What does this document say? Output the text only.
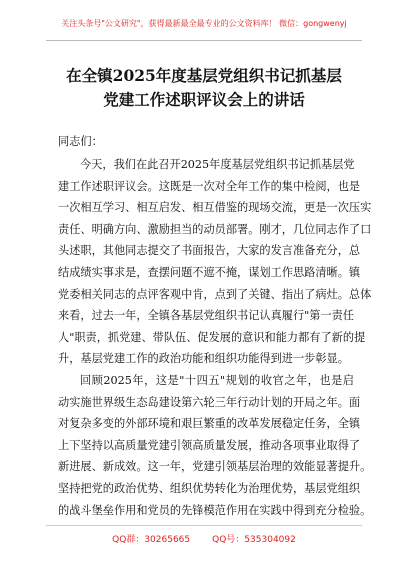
关注头条号"公文研究"，获得最新最全最专业的公文资料库！ 微信：gongwenyj
在全镇2025年度基层党组织书记抓基层
党建工作述职评议会上的讲话
同志们：
今天，我们在此召开2025年度基层党组织书记抓基层党
建工作述职评议会。这既是一次对全年工作的集中检阅，也是
一次相互学习、相互启发、相互借鉴的现场交流，更是一次压实
责任、明确方向、激励担当的动员部署。刚才，几位同志作了口
头述职，其他同志提交了书面报告，大家的发言准备充分，总
结成绩实事求是，查摆问题不遮不掩，谋划工作思路清晰。镇
党委相关同志的点评客观中肯，点到了关键、指出了病灶。总体
来看，过去一年，全镇各基层党组织书记认真履行"第一责任
人"职责，抓党建、带队伍、促发展的意识和能力都有了新的提
升，基层党建工作的政治功能和组织功能得到进一步彰显。
回顾2025年，这是"十四五"规划的收官之年，也是启
动实施世界级生态岛建设第六轮三年行动计划的开局之年。面
对复杂多变的外部环境和艰巨繁重的改革发展稳定任务，全镇
上下坚持以高质量党建引领高质量发展，推动各项事业取得了
新进展、新成效。这一年，党建引领基层治理的效能显著提升。
坚持把党的政治优势、组织优势转化为治理优势，基层党组织
的战斗堡垒作用和党员的先锋模范作用在实践中得到充分检验。
QQ群：30265665 QQ号：535304092
